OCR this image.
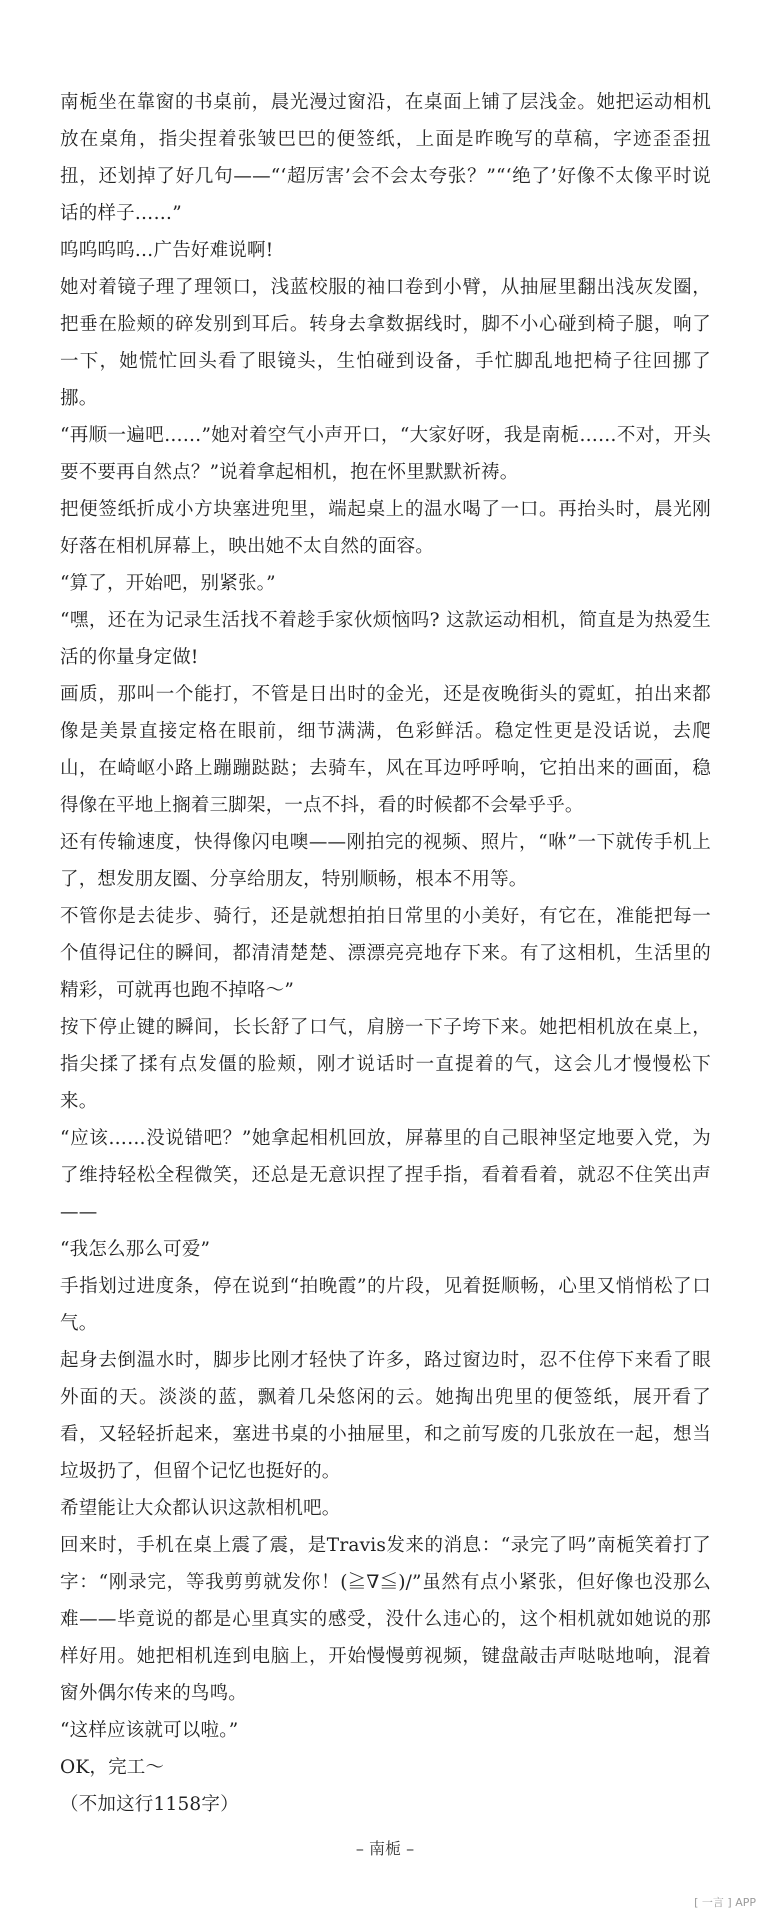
南栀坐在靠窗的书桌前，晨光漫过窗沿，在桌面上铺了层浅金。她把运动相机放在桌角，指尖捏着张皱巴巴的便签纸，上面是昨晚写的草稿，字迹歪歪扭扭，还划掉了好几句——“‘超厉害’会不会太夸张？”“‘绝了’好像不太像平时说话的样子……”

呜呜呜呜…广告好难说啊!

她对着镜子理了理领口，浅蓝校服的袖口卷到小臂，从抽屉里翻出浅灰发圈，把垂在脸颊的碎发别到耳后。转身去拿数据线时，脚不小心碰到椅子腿，响了一下，她慌忙回头看了眼镜头，生怕碰到设备，手忙脚乱地把椅子往回挪了挪。

“再顺一遍吧……”她对着空气小声开口，“大家好呀，我是南栀……不对，开头要不要再自然点？”说着拿起相机，抱在怀里默默祈祷。

把便签纸折成小方块塞进兜里，端起桌上的温水喝了一口。再抬头时，晨光刚好落在相机屏幕上，映出她不太自然的面容。

“算了，开始吧，别紧张。”

“嘿，还在为记录生活找不着趁手家伙烦恼吗? 这款运动相机，简直是为热爱生活的你量身定做!

画质，那叫一个能打，不管是日出时的金光，还是夜晚街头的霓虹，拍出来都像是美景直接定格在眼前，细节满满，色彩鲜活。稳定性更是没话说，去爬山，在崎岖小路上蹦蹦跶跶；去骑车，风在耳边呼呼响，它拍出来的画面，稳得像在平地上搁着三脚架，一点不抖，看的时候都不会晕乎乎。

还有传输速度，快得像闪电噢——刚拍完的视频、照片，“咻”一下就传手机上了，想发朋友圈、分享给朋友，特别顺畅，根本不用等。

不管你是去徒步、骑行，还是就想拍拍日常里的小美好，有它在，准能把每一个值得记住的瞬间，都清清楚楚、漂漂亮亮地存下来。有了这相机，生活里的精彩，可就再也跑不掉咯～”

按下停止键的瞬间，长长舒了口气，肩膀一下子垮下来。她把相机放在桌上，指尖揉了揉有点发僵的脸颊，刚才说话时一直提着的气，这会儿才慢慢松下来。

“应该……没说错吧？”她拿起相机回放，屏幕里的自己眼神坚定地要入党，为了维持轻松全程微笑，还总是无意识捏了捏手指，看着看着，就忍不住笑出声——

“我怎么那么可爱”

手指划过进度条，停在说到“拍晚霞”的片段，见着挺顺畅，心里又悄悄松了口气。

起身去倒温水时，脚步比刚才轻快了许多，路过窗边时，忍不住停下来看了眼外面的天。淡淡的蓝，飘着几朵悠闲的云。她掏出兜里的便签纸，展开看了看，又轻轻折起来，塞进书桌的小抽屉里，和之前写废的几张放在一起，想当垃圾扔了，但留个记忆也挺好的。

希望能让大众都认识这款相机吧。

回来时，手机在桌上震了震，是Travis发来的消息：“录完了吗”南栀笑着打了字：“刚录完，等我剪剪就发你！(≧∇≦)/”虽然有点小紧张，但好像也没那么难——毕竟说的都是心里真实的感受，没什么违心的，这个相机就如她说的那样好用。她把相机连到电脑上，开始慢慢剪视频，键盘敲击声哒哒地响，混着窗外偶尔传来的鸟鸣。

“这样应该就可以啦。”

OK，完工～

（不加这行1158字）

– 南栀 –
[ 一言 ] APP
